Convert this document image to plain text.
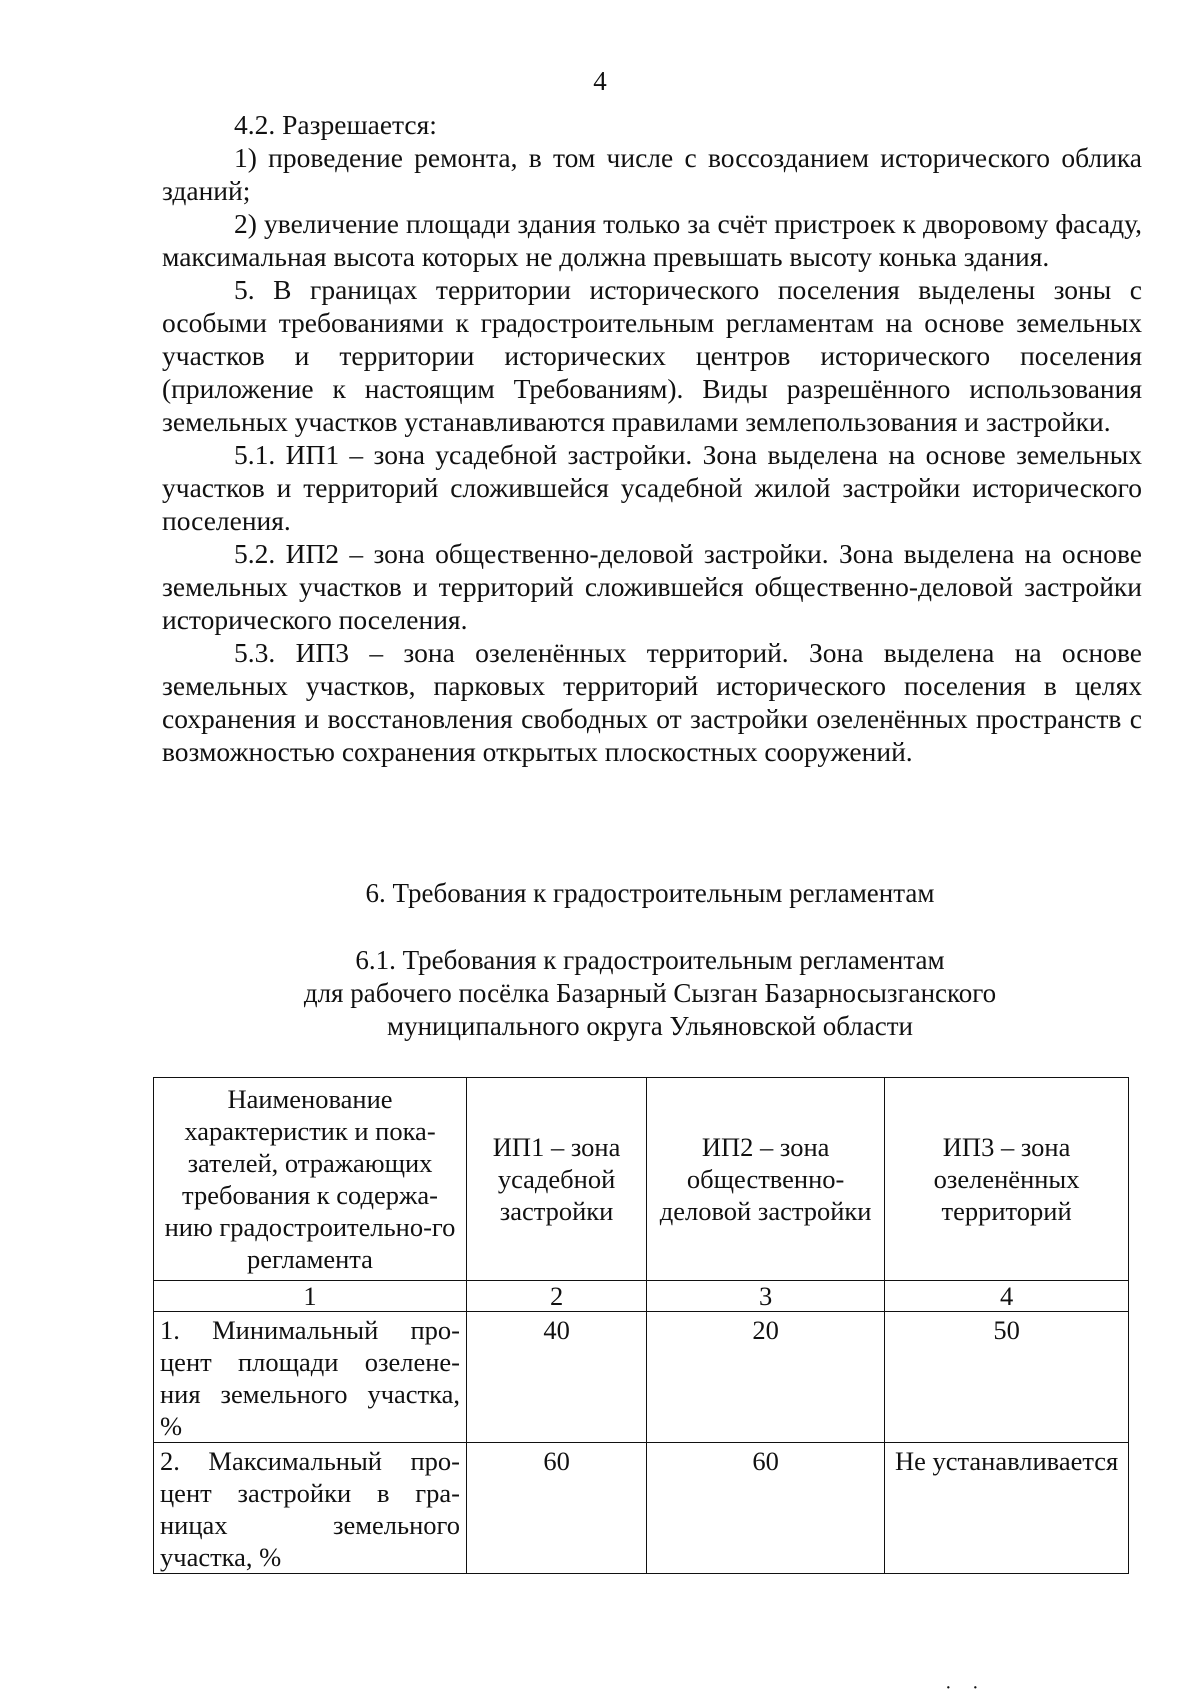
4

4.2. Разрешается:

1) проведение ремонта, в том числе с воссозданием исторического облика зданий;

2) увеличение площади здания только за счёт пристроек к дворовому фасаду, максимальная высота которых не должна превышать высоту конька здания.

5. В границах территории исторического поселения выделены зоны с особыми требованиями к градостроительным регламентам на основе земельных участков и территории исторических центров исторического поселения (приложение к настоящим Требованиям). Виды разрешённого использования земельных участков устанавливаются правилами землепользования и застройки.

5.1. ИП1 – зона усадебной застройки. Зона выделена на основе земельных участков и территорий сложившейся усадебной жилой застройки исторического поселения.

5.2. ИП2 – зона общественно-деловой застройки. Зона выделена на основе земельных участков и территорий сложившейся общественно-деловой застройки исторического поселения.

5.3. ИП3 – зона озеленённых территорий. Зона выделена на основе земельных участков, парковых территорий исторического поселения в целях сохранения и восстановления свободных от застройки озеленённых пространств с возможностью сохранения открытых плоскостных сооружений.

6. Требования к градостроительным регламентам
6.1. Требования к градостроительным регламентам
для рабочего посёлка Базарный Сызган Базарносызганского
муниципального округа Ульяновской области
Наименование характеристик и пока-зателей, отражающих требования к содержа-нию градостроительно-го регламента	ИП1 – зона усадебной застройки	ИП2 – зона общественно-деловой застройки	ИП3 – зона озеленённых территорий
1	2	3	4
1. Минимальный про-цент площади озелене-ния земельного участка, %	40	20	50
2. Максимальный про-цент застройки в гра-ницах земельного участка, %	60	60	Не устанавливается
· ·
